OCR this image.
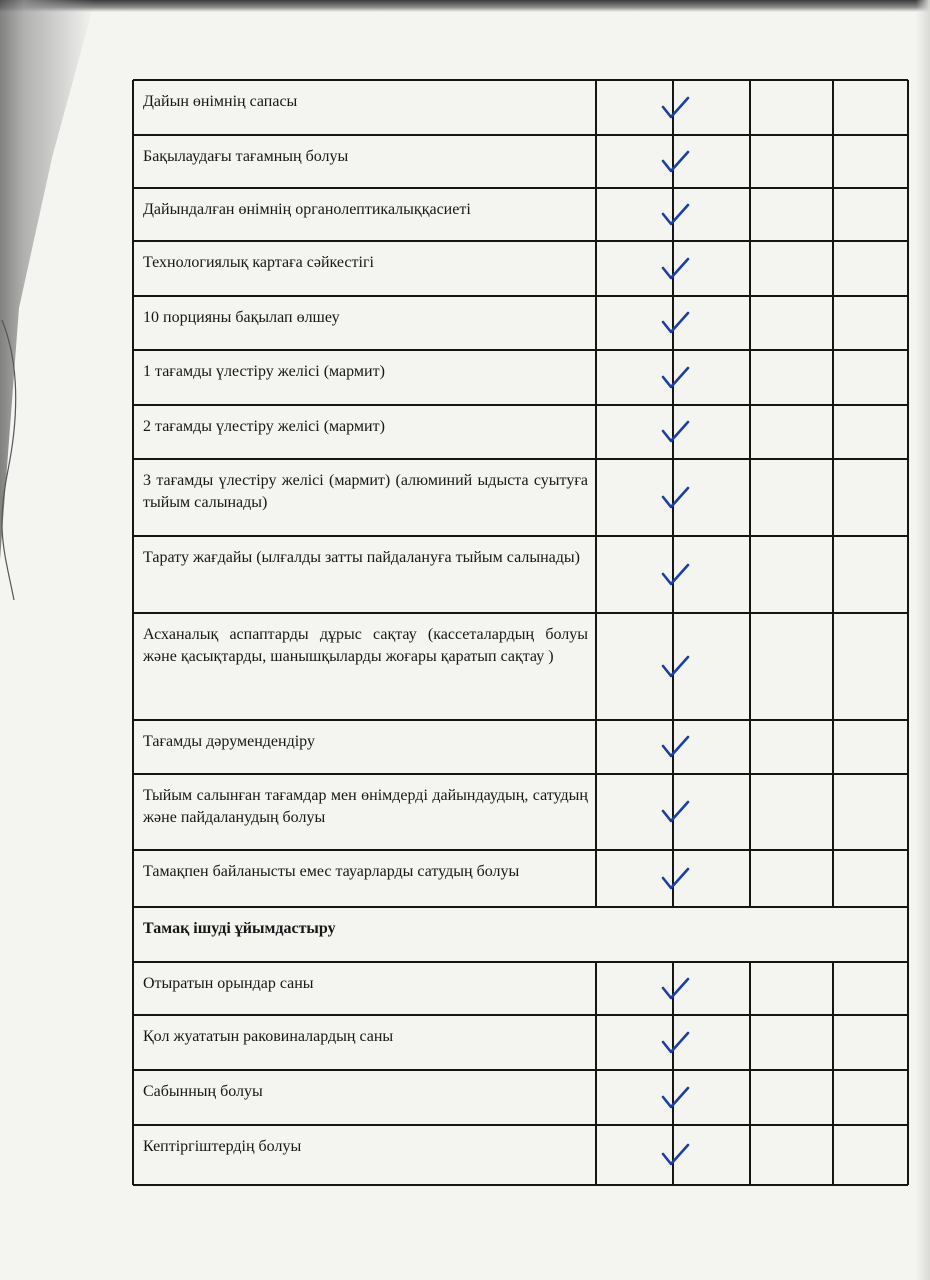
Дайын өнімнің сапасы
Бақылаудағы тағамның болуы
Дайындалған өнімнің органолептикалыққасиеті
Технологиялық картаға сәйкестігі
10 порцияны бақылап өлшеу
1 тағамды үлестіру желісі (мармит)
2 тағамды үлестіру желісі (мармит)
3 тағамды үлестіру желісі (мармит) (алюминий ыдыста суытуға тыйым салынады)
Тарату жағдайы (ылғалды затты пайдалануға тыйым салынады)
Асханалық аспаптарды дұрыс сақтау (кассеталардың болуы және қасықтарды, шанышқыларды жоғары қаратып сақтау )
Тағамды дәрумендендіру
Тыйым салынған тағамдар мен өнімдерді дайындаудың, сатудың және пайдаланудың болуы
Тамақпен байланысты емес тауарларды сатудың болуы
Тамақ ішуді ұйымдастыру
Отыратын орындар саны
Қол жуататын раковиналардың саны
Сабынның болуы
Кептіргіштердің болуы
